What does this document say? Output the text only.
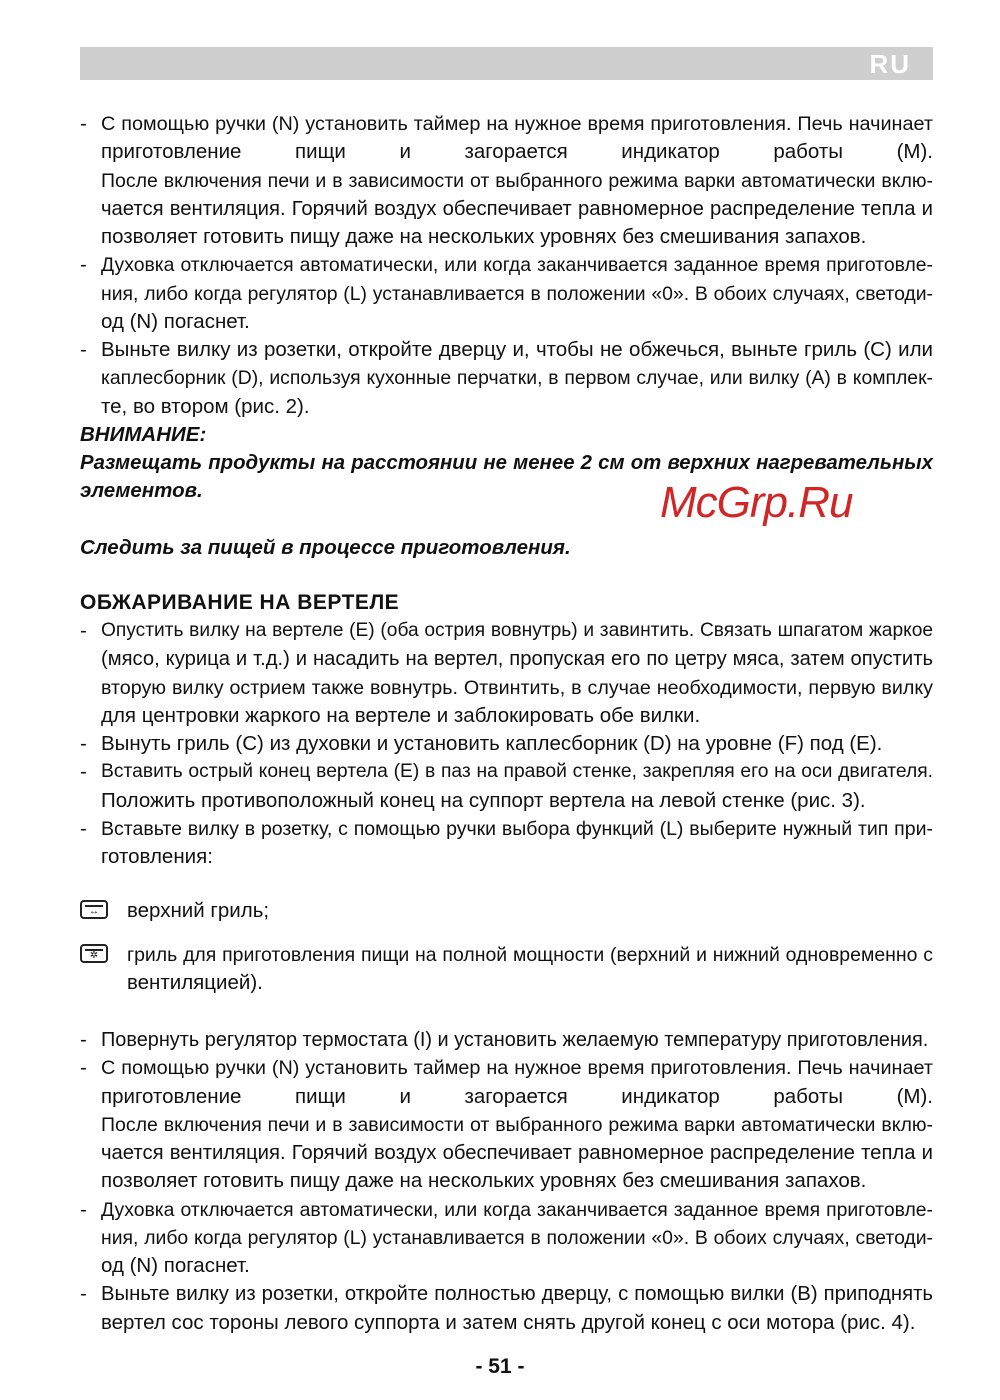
RU
- С помощью ручки (N) установить таймер на нужное время приготовления. Печь начинает
приготовление пищи и загорается индикатор работы (M).
После включения печи и в зависимости от выбранного режима варки автоматически вклю-
чается вентиляция. Горячий воздух обеспечивает равномерное распределение тепла и
позволяет готовить пищу даже на нескольких уровнях без смешивания запахов.
- Духовка отключается автоматически, или когда заканчивается заданное время приготовле-
ния, либо когда регулятор (L) устанавливается в положении «0». В обоих случаях, светоди-
од (N) погаснет.
- Выньте вилку из розетки, откройте дверцу и, чтобы не обжечься, выньте гриль (C) или
каплесборник (D), используя кухонные перчатки, в первом случае, или вилку (A) в комплек-
те, во втором (рис. 2).
ВНИМАНИЕ:
Размещать продукты на расстоянии не менее 2 см от верхних нагревательных
элементов.
Следить за пищей в процессе приготовления.
ОБЖАРИВАНИЕ НА ВЕРТЕЛЕ
- Опустить вилку на вертеле (E) (оба острия вовнутрь) и завинтить. Связать шпагатом жаркое
(мясо, курица и т.д.) и насадить на вертел, пропуская его по цетру мяса, затем опустить
вторую вилку острием также вовнутрь. Отвинтить, в случае необходимости, первую вилку
для центровки жаркого на вертеле и заблокировать обе вилки.
- Вынуть гриль (C) из духовки и установить каплесборник (D) на уровне (F) под (E).
- Вставить острый конец вертела (E) в паз на правой стенке, закрепляя его на оси двигателя.
Положить противоположный конец на суппорт вертела на левой стенке (рис. 3).
- Вставьте вилку в розетку, с помощью ручки выбора функций (L) выберите нужный тип при-
готовления:
↔	верхний гриль;
✲	гриль для приготовления пищи на полной мощности (верхний и нижний одновременно с
вентиляцией).
- Повернуть регулятор термостата (I) и установить желаемую температуру приготовления.
- С помощью ручки (N) установить таймер на нужное время приготовления. Печь начинает
приготовление пищи и загорается индикатор работы (M).
После включения печи и в зависимости от выбранного режима варки автоматически вклю-
чается вентиляция. Горячий воздух обеспечивает равномерное распределение тепла и
позволяет готовить пищу даже на нескольких уровнях без смешивания запахов.
- Духовка отключается автоматически, или когда заканчивается заданное время приготовле-
ния, либо когда регулятор (L) устанавливается в положении «0». В обоих случаях, светоди-
од (N) погаснет.
- Выньте вилку из розетки, откройте полностью дверцу, с помощью вилки (B) приподнять
вертел сос тороны левого суппорта и затем снять другой конец с оси мотора (рис. 4).
McGrp.Ru
- 51 -
